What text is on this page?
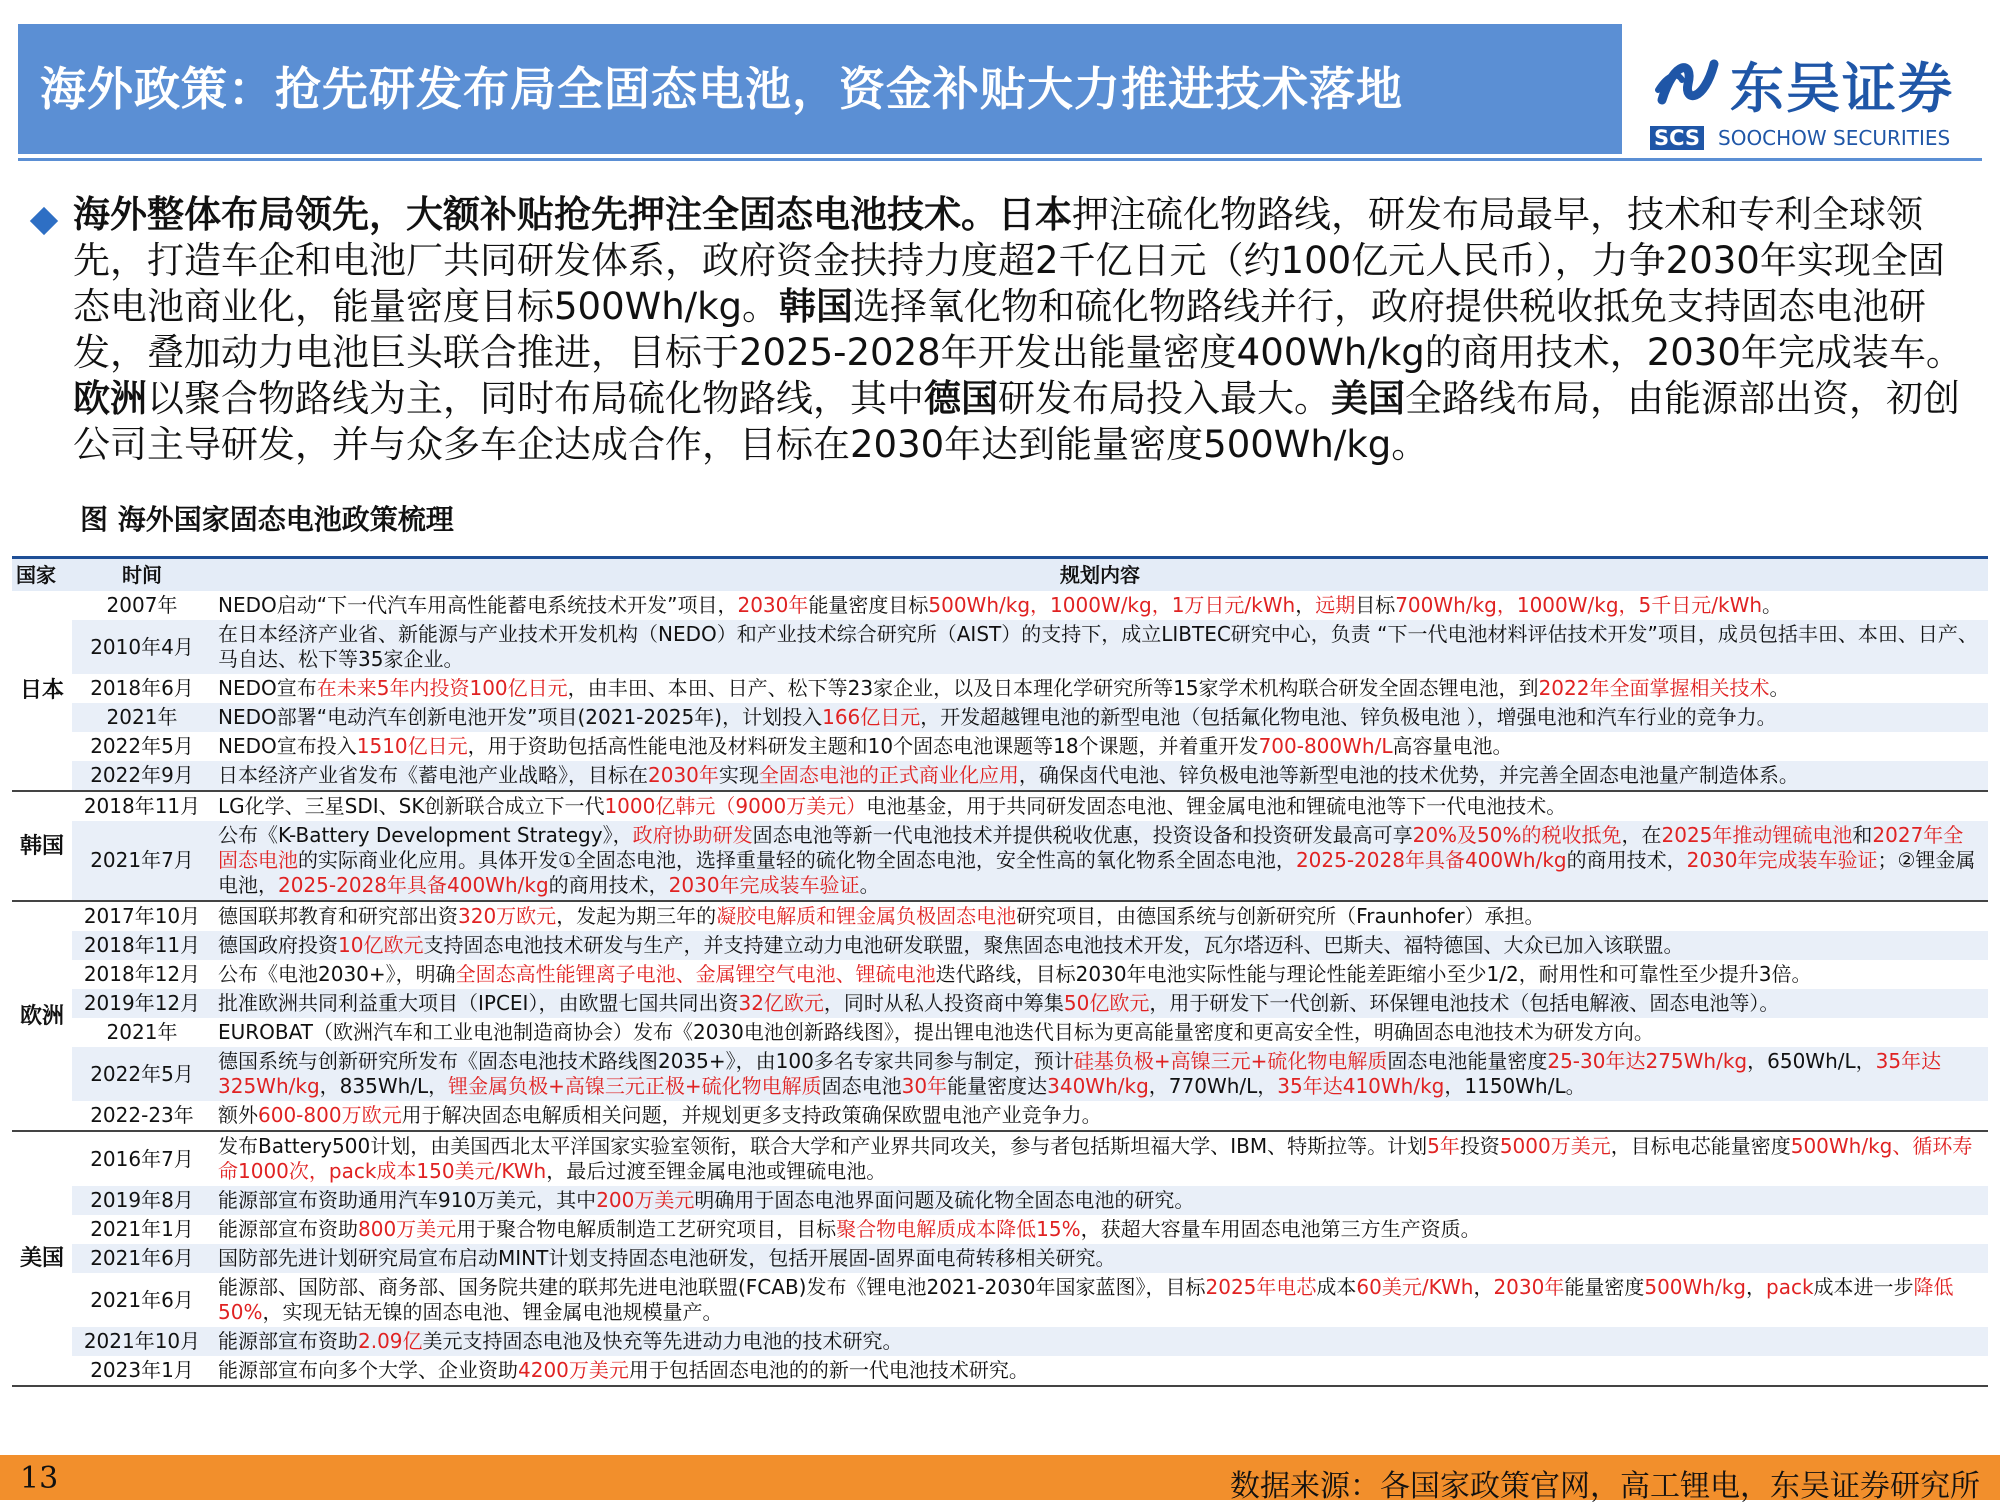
海外政策：抢先研发布局全固态电池，资金补贴大力推进技术落地	东吴证券
SCS SOOCHOW SECURITIES
海外整体布局领先，大额补贴抢先押注全固态电池技术。日本押注硫化物路线，研发布局最早，技术和专利全球领先，打造车企和电池厂共同研发体系，政府资金扶持力度超2千亿日元（约100亿元人民币），力争2030年实现全固态电池商业化，能量密度目标500Wh/kg。韩国选择氧化物和硫化物路线并行，政府提供税收抵免支持固态电池研发，叠加动力电池巨头联合推进，目标于2025-2028年开发出能量密度400Wh/kg的商用技术，2030年完成装车。欧洲以聚合物路线为主，同时布局硫化物路线，其中德国研发布局投入最大。美国全路线布局，由能源部出资，初创公司主导研发，并与众多车企达成合作，目标在2030年达到能量密度500Wh/kg。
图 海外国家固态电池政策梳理
国家	时间	规划内容
日本	2007年	NEDO启动“下一代汽车用高性能蓄电系统技术开发”项目，2030年能量密度目标500Wh/kg，1000W/kg，1万日元/kWh，远期目标700Wh/kg，1000W/kg，5千日元/kWh。
	2010年4月	在日本经济产业省、新能源与产业技术开发机构（NEDO）和产业技术综合研究所（AIST）的支持下，成立LIBTEC研究中心，负责 “下一代电池材料评估技术开发”项目，成员包括丰田、本田、日产、马自达、松下等35家企业。
	2018年6月	NEDO宣布在未来5年内投资100亿日元，由丰田、本田、日产、松下等23家企业，以及日本理化学研究所等15家学术机构联合研发全固态锂电池，到2022年全面掌握相关技术。
	2021年	NEDO部署“电动汽车创新电池开发”项目(2021-2025年)，计划投入166亿日元，开发超越锂电池的新型电池（包括氟化物电池、锌负极电池 ），增强电池和汽车行业的竞争力。
	2022年5月	NEDO宣布投入1510亿日元，用于资助包括高性能电池及材料研发主题和10个固态电池课题等18个课题，并着重开发700-800Wh/L高容量电池。
	2022年9月	日本经济产业省发布《蓄电池产业战略》，目标在2030年实现全固态电池的正式商业化应用，确保卤代电池、锌负极电池等新型电池的技术优势，并完善全固态电池量产制造体系。
韩国	2018年11月	LG化学、三星SDI、SK创新联合成立下一代1000亿韩元（9000万美元）电池基金，用于共同研发固态电池、锂金属电池和锂硫电池等下一代电池技术。
	2021年7月	公布《K-Battery Development Strategy》，政府协助研发固态电池等新一代电池技术并提供税收优惠，投资设备和投资研发最高可享20%及50%的税收抵免，在2025年推动锂硫电池和2027年全固态电池的实际商业化应用。具体开发①全固态电池，选择重量轻的硫化物全固态电池，安全性高的氧化物系全固态电池，2025-2028年具备400Wh/kg的商用技术，2030年完成装车验证；②锂金属电池，2025-2028年具备400Wh/kg的商用技术，2030年完成装车验证。
欧洲	2017年10月	德国联邦教育和研究部出资320万欧元，发起为期三年的凝胶电解质和锂金属负极固态电池研究项目，由德国系统与创新研究所（Fraunhofer）承担。
	2018年11月	德国政府投资10亿欧元支持固态电池技术研发与生产，并支持建立动力电池研发联盟，聚焦固态电池技术开发，瓦尔塔迈科、巴斯夫、福特德国、大众已加入该联盟。
	2018年12月	公布《电池2030+》，明确全固态高性能锂离子电池、金属锂空气电池、锂硫电池迭代路线，目标2030年电池实际性能与理论性能差距缩小至少1/2，耐用性和可靠性至少提升3倍。
	2019年12月	批准欧洲共同利益重大项目（IPCEI），由欧盟七国共同出资32亿欧元，同时从私人投资商中筹集50亿欧元，用于研发下一代创新、环保锂电池技术（包括电解液、固态电池等）。
	2021年	EUROBAT（欧洲汽车和工业电池制造商协会）发布《2030电池创新路线图》，提出锂电池迭代目标为更高能量密度和更高安全性，明确固态电池技术为研发方向。
	2022年5月	德国系统与创新研究所发布《固态电池技术路线图2035+》，由100多名专家共同参与制定，预计硅基负极+高镍三元+硫化物电解质固态电池能量密度25-30年达275Wh/kg，650Wh/L，35年达325Wh/kg，835Wh/L，锂金属负极+高镍三元正极+硫化物电解质固态电池30年能量密度达340Wh/kg，770Wh/L，35年达410Wh/kg，1150Wh/L。
	2022-23年	额外600-800万欧元用于解决固态电解质相关问题，并规划更多支持政策确保欧盟电池产业竞争力。
美国	2016年7月	发布Battery500计划，由美国西北太平洋国家实验室领衔，联合大学和产业界共同攻关，参与者包括斯坦福大学、IBM、特斯拉等。计划5年投资5000万美元，目标电芯能量密度500Wh/kg、循环寿命1000次，pack成本150美元/KWh，最后过渡至锂金属电池或锂硫电池。
	2019年8月	能源部宣布资助通用汽车910万美元，其中200万美元明确用于固态电池界面问题及硫化物全固态电池的研究。
	2021年1月	能源部宣布资助800万美元用于聚合物电解质制造工艺研究项目，目标聚合物电解质成本降低15%，获超大容量车用固态电池第三方生产资质。
	2021年6月	国防部先进计划研究局宣布启动MINT计划支持固态电池研发，包括开展固-固界面电荷转移相关研究。
	2021年6月	能源部、国防部、商务部、国务院共建的联邦先进电池联盟(FCAB)发布《锂电池2021-2030年国家蓝图》，目标2025年电芯成本60美元/KWh，2030年能量密度500Wh/kg，pack成本进一步降低50%，实现无钴无镍的固态电池、锂金属电池规模量产。
	2021年10月	能源部宣布资助2.09亿美元支持固态电池及快充等先进动力电池的技术研究。
	2023年1月	能源部宣布向多个大学、企业资助4200万美元用于包括固态电池的的新一代电池技术研究。
13	数据来源：各国家政策官网，高工锂电，东吴证券研究所
